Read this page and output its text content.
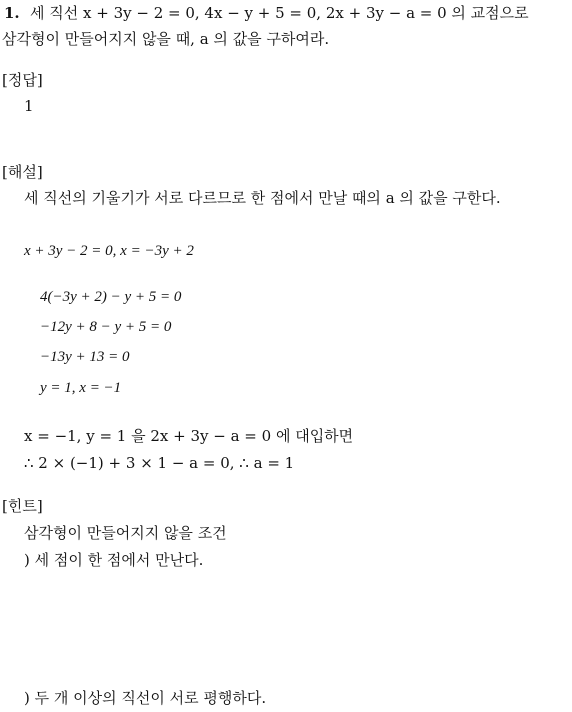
1. 세 직선 x + 3y − 2 = 0, 4x − y + 5 = 0, 2x + 3y − a = 0 의 교점으로
삼각형이 만들어지지 않을 때, a 의 값을 구하여라.
[정답]
1
[해설]
세 직선의 기울기가 서로 다르므로 한 점에서 만날 때의 a 의 값을 구한다.
x + 3y − 2 = 0, x = −3y + 2
4(−3y + 2) − y + 5 = 0
−12y + 8 − y + 5 = 0
−13y + 13 = 0
y = 1, x = −1
x = −1, y = 1 을 2x + 3y − a = 0 에 대입하면
∴ 2 × (−1) + 3 × 1 − a = 0, ∴ a = 1
[힌트]
삼각형이 만들어지지 않을 조건
) 세 점이 한 점에서 만난다.
) 두 개 이상의 직선이 서로 평행하다.
